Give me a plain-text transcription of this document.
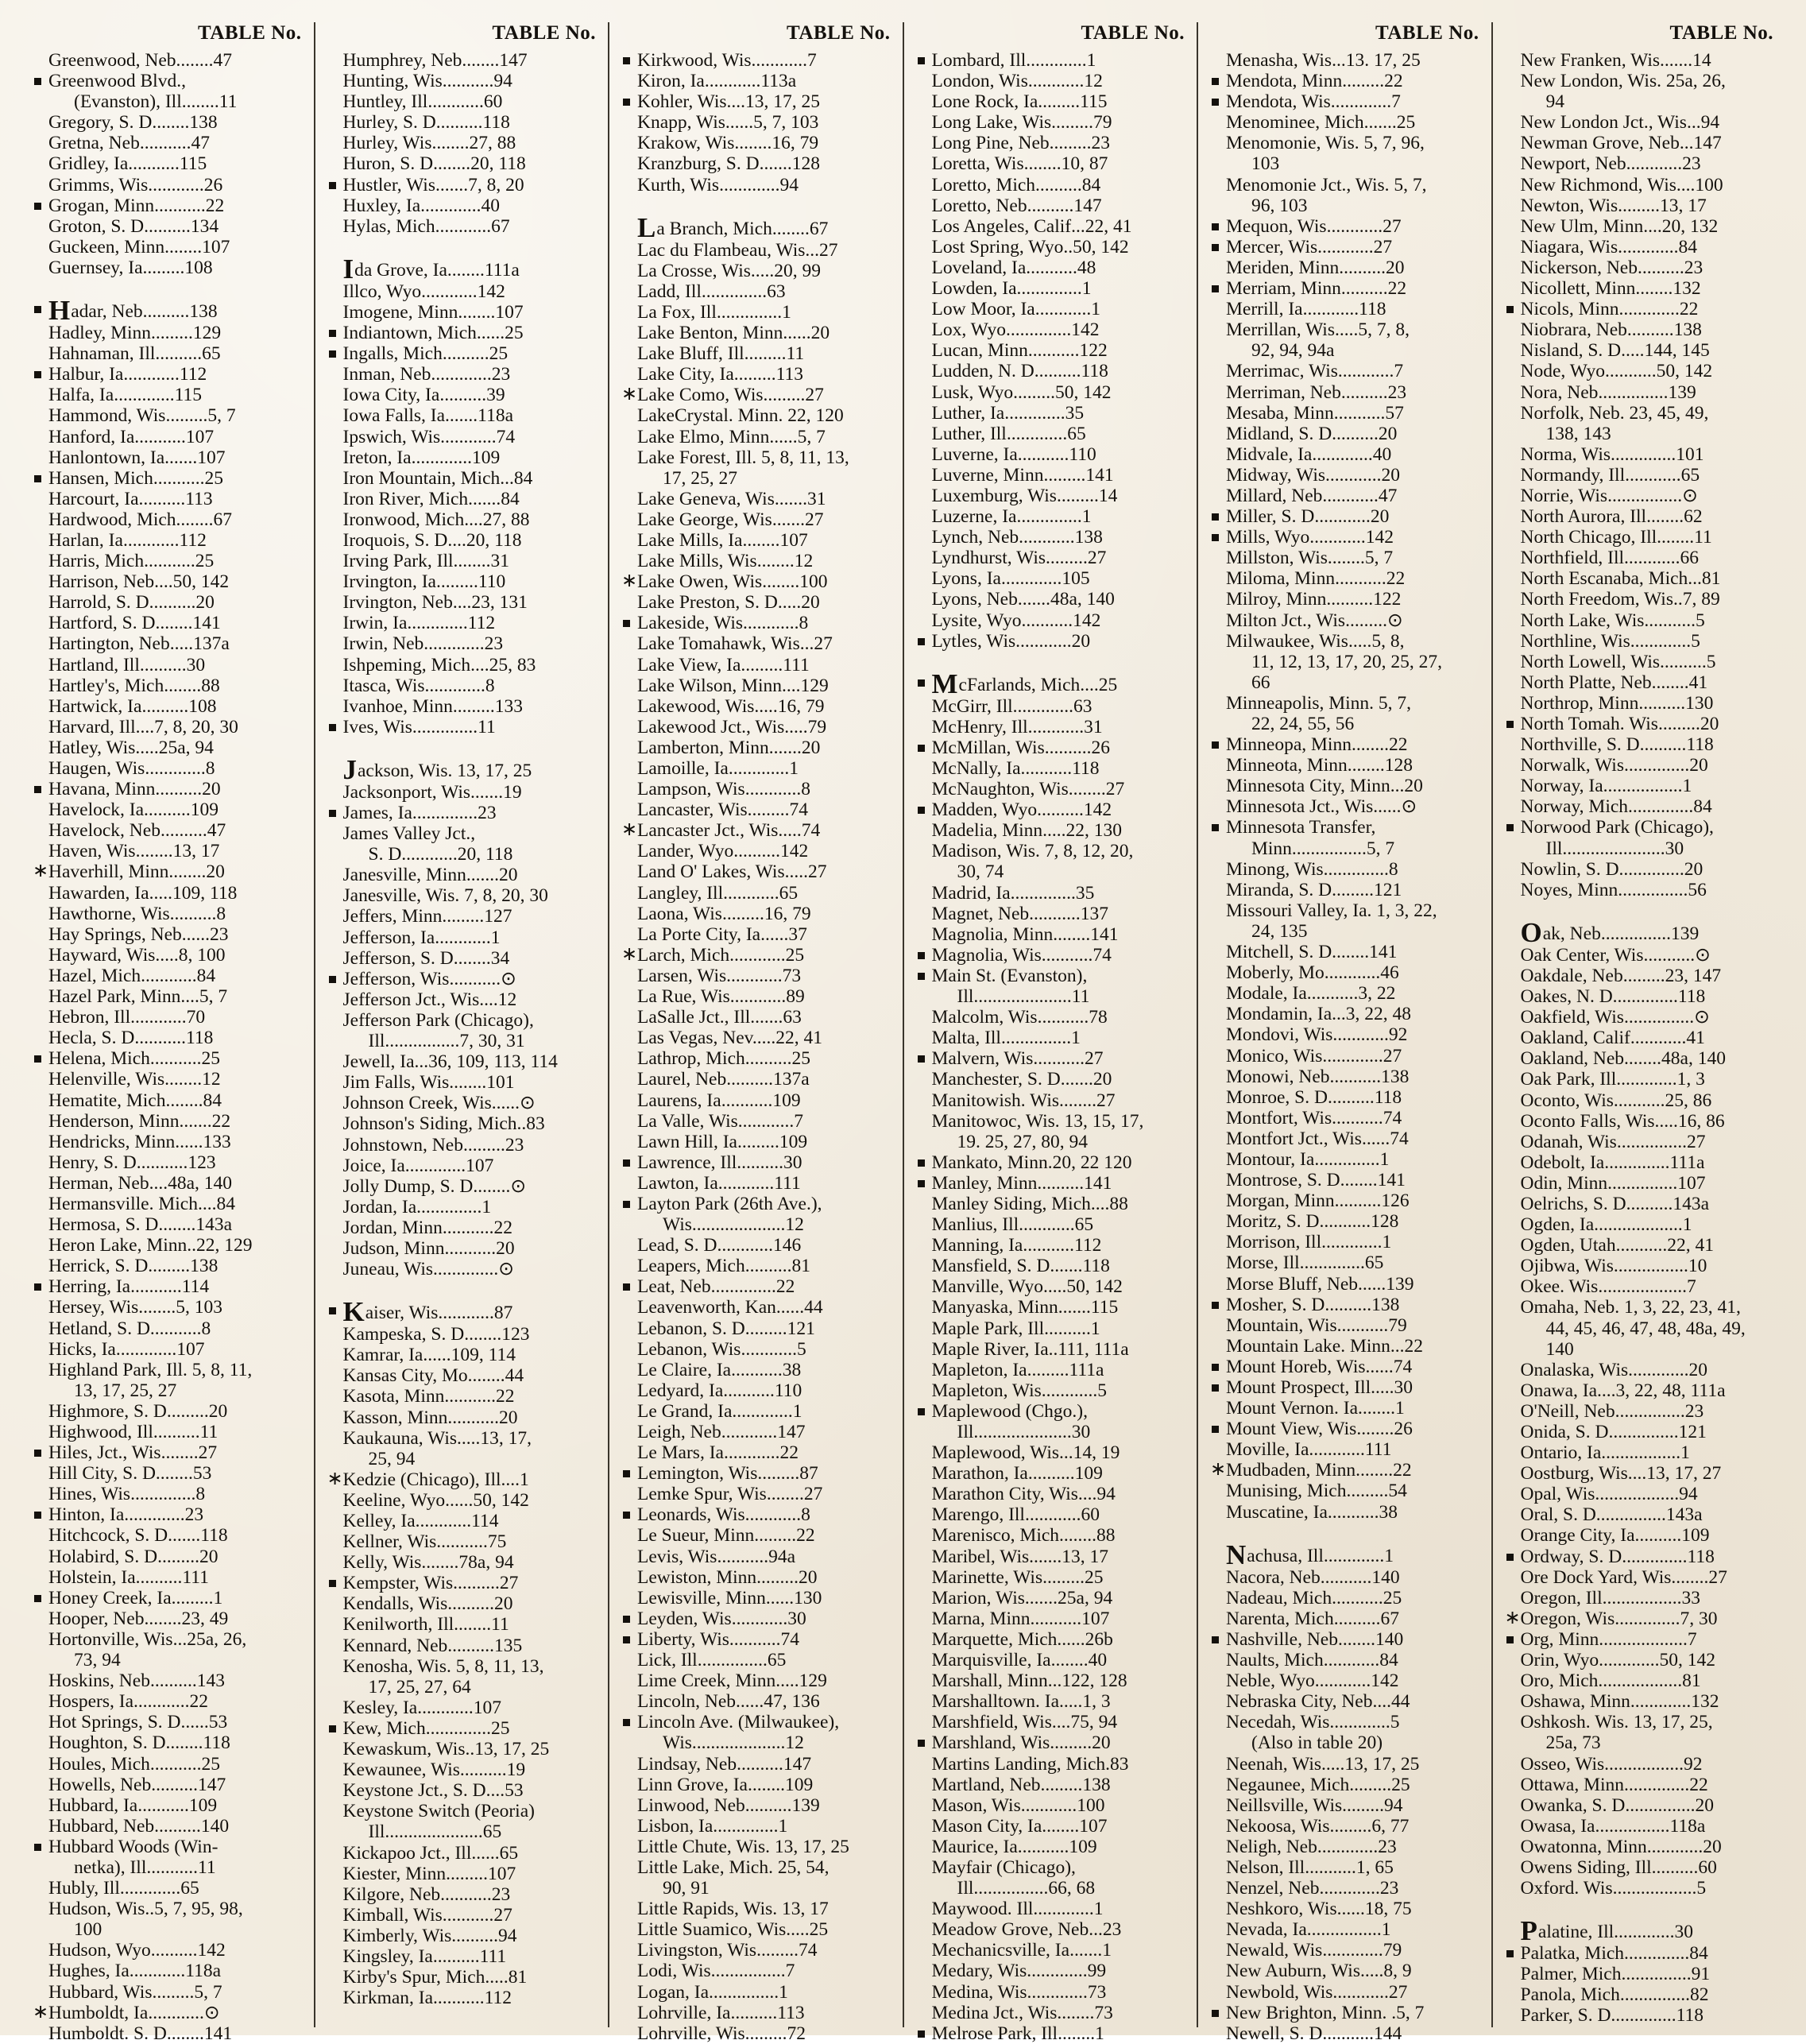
TABLE No.
Greenwood, Neb........47
Greenwood Blvd.,
(Evanston), Ill........11
Gregory, S. D........138
Gretna, Neb...........47
Gridley, Ia...........115
Grimms, Wis............26
Grogan, Minn...........22
Groton, S. D..........134
Guckeen, Minn........107
Guernsey, Ia.........108
Hadar, Neb..........138
Hadley, Minn.........129
Hahnaman, Ill..........65
Halbur, Ia............112
Halfa, Ia.............115
Hammond, Wis.........5, 7
Hanford, Ia...........107
Hanlontown, Ia.......107
Hansen, Mich...........25
Harcourt, Ia..........113
Hardwood, Mich........67
Harlan, Ia............112
Harris, Mich...........25
Harrison, Neb....50, 142
Harrold, S. D..........20
Hartford, S. D........141
Hartington, Neb.....137a
Hartland, Ill..........30
Hartley's, Mich........88
Hartwick, Ia..........108
Harvard, Ill....7, 8, 20, 30
Hatley, Wis.....25a, 94
Haugen, Wis.............8
Havana, Minn..........20
Havelock, Ia..........109
Havelock, Neb..........47
Haven, Wis........13, 17
Haverhill, Minn........20
Hawarden, Ia.....109, 118
Hawthorne, Wis..........8
Hay Springs, Neb......23
Hayward, Wis.....8, 100
Hazel, Mich............84
Hazel Park, Minn....5, 7
Hebron, Ill............70
Hecla, S. D...........118
Helena, Mich...........25
Helenville, Wis........12
Hematite, Mich........84
Henderson, Minn.......22
Hendricks, Minn......133
Henry, S. D...........123
Herman, Neb....48a, 140
Hermansville. Mich....84
Hermosa, S. D........143a
Heron Lake, Minn..22, 129
Herrick, S. D.........138
Herring, Ia...........114
Hersey, Wis........5, 103
Hetland, S. D...........8
Hicks, Ia.............107
Highland Park, Ill. 5, 8, 11,
13, 17, 25, 27
Highmore, S. D.........20
Highwood, Ill..........11
Hiles, Jct., Wis........27
Hill City, S. D........53
Hines, Wis..............8
Hinton, Ia.............23
Hitchcock, S. D.......118
Holabird, S. D.........20
Holstein, Ia..........111
Honey Creek, Ia.........1
Hooper, Neb........23, 49
Hortonville, Wis...25a, 26,
73, 94
Hoskins, Neb..........143
Hospers, Ia............22
Hot Springs, S. D......53
Houghton, S. D........118
Houles, Mich...........25
Howells, Neb..........147
Hubbard, Ia...........109
Hubbard, Neb..........140
Hubbard Woods (Win-
netka), Ill...........11
Hubly, Ill.............65
Hudson, Wis..5, 7, 95, 98,
100
Hudson, Wyo..........142
Hughes, Ia............118a
Hubbard, Wis.........5, 7
Humboldt, Ia............⊙
Humboldt. S. D........141
TABLE No.
Humphrey, Neb........147
Hunting, Wis...........94
Huntley, Ill............60
Hurley, S. D..........118
Hurley, Wis........27, 88
Huron, S. D........20, 118
Hustler, Wis.......7, 8, 20
Huxley, Ia.............40
Hylas, Mich............67
Ida Grove, Ia........111a
Illco, Wyo............142
Imogene, Minn........107
Indiantown, Mich......25
Ingalls, Mich..........25
Inman, Neb.............23
Iowa City, Ia..........39
Iowa Falls, Ia.......118a
Ipswich, Wis............74
Ireton, Ia.............109
Iron Mountain, Mich...84
Iron River, Mich.......84
Ironwood, Mich....27, 88
Iroquois, S. D....20, 118
Irving Park, Ill........31
Irvington, Ia.........110
Irvington, Neb....23, 131
Irwin, Ia.............112
Irwin, Neb.............23
Ishpeming, Mich....25, 83
Itasca, Wis.............8
Ivanhoe, Minn.........133
Ives, Wis..............11
Jackson, Wis. 13, 17, 25
Jacksonport, Wis.......19
James, Ia..............23
James Valley Jct.,
S. D............20, 118
Janesville, Minn.......20
Janesville, Wis. 7, 8, 20, 30
Jeffers, Minn.........127
Jefferson, Ia............1
Jefferson, S. D........34
Jefferson, Wis...........⊙
Jefferson Jct., Wis....12
Jefferson Park (Chicago),
Ill................7, 30, 31
Jewell, Ia...36, 109, 113, 114
Jim Falls, Wis........101
Johnson Creek, Wis......⊙
Johnson's Siding, Mich..83
Johnstown, Neb.........23
Joice, Ia.............107
Jolly Dump, S. D........⊙
Jordan, Ia..............1
Jordan, Minn...........22
Judson, Minn...........20
Juneau, Wis..............⊙
Kaiser, Wis............87
Kampeska, S. D........123
Kamrar, Ia......109, 114
Kansas City, Mo........44
Kasota, Minn...........22
Kasson, Minn...........20
Kaukauna, Wis.....13, 17,
25, 94
Kedzie (Chicago), Ill....1
Keeline, Wyo......50, 142
Kelley, Ia............114
Kellner, Wis...........75
Kelly, Wis........78a, 94
Kempster, Wis..........27
Kendalls, Wis..........20
Kenilworth, Ill........11
Kennard, Neb..........135
Kenosha, Wis. 5, 8, 11, 13,
17, 25, 27, 64
Kesley, Ia............107
Kew, Mich..............25
Kewaskum, Wis..13, 17, 25
Kewaunee, Wis..........19
Keystone Jct., S. D....53
Keystone Switch (Peoria)
Ill.....................65
Kickapoo Jct., Ill......65
Kiester, Minn.........107
Kilgore, Neb...........23
Kimball, Wis...........27
Kimberly, Wis..........94
Kingsley, Ia..........111
Kirby's Spur, Mich.....81
Kirkman, Ia...........112
TABLE No.
Kirkwood, Wis............7
Kiron, Ia............113a
Kohler, Wis....13, 17, 25
Knapp, Wis......5, 7, 103
Krakow, Wis........16, 79
Kranzburg, S. D.......128
Kurth, Wis.............94
La Branch, Mich........67
Lac du Flambeau, Wis...27
La Crosse, Wis.....20, 99
Ladd, Ill..............63
La Fox, Ill..............1
Lake Benton, Minn......20
Lake Bluff, Ill.........11
Lake City, Ia.........113
Lake Como, Wis.........27
LakeCrystal. Minn. 22, 120
Lake Elmo, Minn......5, 7
Lake Forest, Ill. 5, 8, 11, 13,
17, 25, 27
Lake Geneva, Wis.......31
Lake George, Wis.......27
Lake Mills, Ia........107
Lake Mills, Wis........12
Lake Owen, Wis........100
Lake Preston, S. D.....20
Lakeside, Wis............8
Lake Tomahawk, Wis...27
Lake View, Ia.........111
Lake Wilson, Minn....129
Lakewood, Wis.....16, 79
Lakewood Jct., Wis.....79
Lamberton, Minn.......20
Lamoille, Ia.............1
Lampson, Wis............8
Lancaster, Wis.........74
Lancaster Jct., Wis.....74
Lander, Wyo..........142
Land O' Lakes, Wis.....27
Langley, Ill............65
Laona, Wis.........16, 79
La Porte City, Ia......37
Larch, Mich............25
Larsen, Wis............73
La Rue, Wis............89
LaSalle Jct., Ill.......63
Las Vegas, Nev.....22, 41
Lathrop, Mich..........25
Laurel, Neb..........137a
Laurens, Ia...........109
La Valle, Wis............7
Lawn Hill, Ia.........109
Lawrence, Ill..........30
Lawton, Ia............111
Layton Park (26th Ave.),
Wis....................12
Lead, S. D............146
Leapers, Mich..........81
Leat, Neb..............22
Leavenworth, Kan......44
Lebanon, S. D.........121
Lebanon, Wis............5
Le Claire, Ia...........38
Ledyard, Ia...........110
Le Grand, Ia.............1
Leigh, Neb............147
Le Mars, Ia............22
Lemington, Wis.........87
Lemke Spur, Wis........27
Leonards, Wis............8
Le Sueur, Minn.........22
Levis, Wis...........94a
Lewiston, Minn.........20
Lewisville, Minn......130
Leyden, Wis............30
Liberty, Wis...........74
Lick, Ill...............65
Lime Creek, Minn.....129
Lincoln, Neb......47, 136
Lincoln Ave. (Milwaukee),
Wis....................12
Lindsay, Neb..........147
Linn Grove, Ia........109
Linwood, Neb..........139
Lisbon, Ia..............1
Little Chute, Wis. 13, 17, 25
Little Lake, Mich. 25, 54,
90, 91
Little Rapids, Wis. 13, 17
Little Suamico, Wis.....25
Livingston, Wis.........74
Lodi, Wis................7
Logan, Ia...............1
Lohrville, Ia..........113
Lohrville, Wis.........72
TABLE No.
Lombard, Ill.............1
London, Wis............12
Lone Rock, Ia.........115
Long Lake, Wis.........79
Long Pine, Neb.........23
Loretta, Wis........10, 87
Loretto, Mich..........84
Loretto, Neb..........147
Los Angeles, Calif...22, 41
Lost Spring, Wyo..50, 142
Loveland, Ia...........48
Lowden, Ia..............1
Low Moor, Ia............1
Lox, Wyo..............142
Lucan, Minn...........122
Ludden, N. D..........118
Lusk, Wyo.........50, 142
Luther, Ia.............35
Luther, Ill.............65
Luverne, Ia...........110
Luverne, Minn.........141
Luxemburg, Wis.........14
Luzerne, Ia..............1
Lynch, Neb............138
Lyndhurst, Wis.........27
Lyons, Ia.............105
Lyons, Neb.......48a, 140
Lysite, Wyo...........142
Lytles, Wis............20
McFarlands, Mich....25
McGirr, Ill.............63
McHenry, Ill............31
McMillan, Wis..........26
McNally, Ia...........118
McNaughton, Wis........27
Madden, Wyo..........142
Madelia, Minn.....22, 130
Madison, Wis. 7, 8, 12, 20,
30, 74
Madrid, Ia..............35
Magnet, Neb...........137
Magnolia, Minn........141
Magnolia, Wis...........74
Main St. (Evanston),
Ill.....................11
Malcolm, Wis...........78
Malta, Ill...............1
Malvern, Wis...........27
Manchester, S. D.......20
Manitowish. Wis........27
Manitowoc, Wis. 13, 15, 17,
19. 25, 27, 80, 94
Mankato, Minn.20, 22 120
Manley, Minn..........141
Manley Siding, Mich....88
Manlius, Ill............65
Manning, Ia...........112
Mansfield, S. D.......118
Manville, Wyo.....50, 142
Manyaska, Minn.......115
Maple Park, Ill..........1
Maple River, Ia..111, 111a
Mapleton, Ia.........111a
Mapleton, Wis............5
Maplewood (Chgo.),
Ill.....................30
Maplewood, Wis...14, 19
Marathon, Ia..........109
Marathon City, Wis....94
Marengo, Ill............60
Marenisco, Mich........88
Maribel, Wis.......13, 17
Marinette, Wis.........25
Marion, Wis.......25a, 94
Marna, Minn...........107
Marquette, Mich......26b
Marquisville, Ia........40
Marshall, Minn...122, 128
Marshalltown. Ia.....1, 3
Marshfield, Wis....75, 94
Marshland, Wis.........20
Martins Landing, Mich.83
Martland, Neb.........138
Mason, Wis............100
Mason City, Ia........107
Maurice, Ia...........109
Mayfair (Chicago),
Ill................66, 68
Maywood. Ill.............1
Meadow Grove, Neb...23
Mechanicsville, Ia.......1
Medary, Wis.............99
Medina, Wis.............73
Medina Jct., Wis........73
Melrose Park, Ill........1
TABLE No.
Menasha, Wis...13. 17, 25
Mendota, Minn.........22
Mendota, Wis.............7
Menominee, Mich.......25
Menomonie, Wis. 5, 7, 96,
103
Menomonie Jct., Wis. 5, 7,
96, 103
Mequon, Wis............27
Mercer, Wis............27
Meriden, Minn..........20
Merriam, Minn..........22
Merrill, Ia............118
Merrillan, Wis.....5, 7, 8,
92, 94, 94a
Merrimac, Wis............7
Merriman, Neb..........23
Mesaba, Minn...........57
Midland, S. D..........20
Midvale, Ia.............40
Midway, Wis............20
Millard, Neb............47
Miller, S. D............20
Mills, Wyo............142
Millston, Wis........5, 7
Miloma, Minn...........22
Milroy, Minn..........122
Milton Jct., Wis.........⊙
Milwaukee, Wis.....5, 8,
11, 12, 13, 17, 20, 25, 27,
66
Minneapolis, Minn. 5, 7,
22, 24, 55, 56
Minneopa, Minn........22
Minneota, Minn........128
Minnesota City, Minn...20
Minnesota Jct., Wis......⊙
Minnesota Transfer,
Minn................5, 7
Minong, Wis..............8
Miranda, S. D.........121
Missouri Valley, Ia. 1, 3, 22,
24, 135
Mitchell, S. D........141
Moberly, Mo............46
Modale, Ia...........3, 22
Mondamin, Ia...3, 22, 48
Mondovi, Wis............92
Monico, Wis.............27
Monowi, Neb...........138
Monroe, S. D..........118
Montfort, Wis...........74
Montfort Jct., Wis......74
Montour, Ia..............1
Montrose, S. D........141
Morgan, Minn..........126
Moritz, S. D...........128
Morrison, Ill.............1
Morse, Ill..............65
Morse Bluff, Neb......139
Mosher, S. D..........138
Mountain, Wis...........79
Mountain Lake. Minn...22
Mount Horeb, Wis......74
Mount Prospect, Ill.....30
Mount Vernon. Ia........1
Mount View, Wis........26
Moville, Ia............111
Mudbaden, Minn........22
Munising, Mich.........54
Muscatine, Ia...........38
Nachusa, Ill.............1
Nacora, Neb...........140
Nadeau, Mich...........25
Narenta, Mich..........67
Nashville, Neb........140
Naults, Mich............84
Neble, Wyo............142
Nebraska City, Neb....44
Necedah, Wis.............5
(Also in table 20)
Neenah, Wis.....13, 17, 25
Negaunee, Mich.........25
Neillsville, Wis.........94
Nekoosa, Wis.........6, 77
Neligh, Neb.............23
Nelson, Ill...........1, 65
Nenzel, Neb.............23
Neshkoro, Wis......18, 75
Nevada, Ia................1
Newald, Wis.............79
New Auburn, Wis.....8, 9
Newbold, Wis............27
New Brighton, Minn. .5, 7
Newell, S. D...........144
TABLE No.
New Franken, Wis.......14
New London, Wis. 25a, 26,
94
New London Jct., Wis...94
Newman Grove, Neb...147
Newport, Neb............23
New Richmond, Wis....100
Newton, Wis.........13, 17
New Ulm, Minn....20, 132
Niagara, Wis.............84
Nickerson, Neb..........23
Nicollett, Minn........132
Nicols, Minn.............22
Niobrara, Neb..........138
Nisland, S. D.....144, 145
Node, Wyo...........50, 142
Nora, Neb...............139
Norfolk, Neb. 23, 45, 49,
138, 143
Norma, Wis..............101
Normandy, Ill............65
Norrie, Wis................⊙
North Aurora, Ill........62
North Chicago, Ill........11
Northfield, Ill............66
North Escanaba, Mich...81
North Freedom, Wis..7, 89
North Lake, Wis...........5
Northline, Wis.............5
North Lowell, Wis..........5
North Platte, Neb........41
Northrop, Minn..........130
North Tomah. Wis.........20
Northville, S. D..........118
Norwalk, Wis..............20
Norway, Ia.................1
Norway, Mich..............84
Norwood Park (Chicago),
Ill......................30
Nowlin, S. D..............20
Noyes, Minn...............56
Oak, Neb...............139
Oak Center, Wis...........⊙
Oakdale, Neb.........23, 147
Oakes, N. D..............118
Oakfield, Wis...............⊙
Oakland, Calif............41
Oakland, Neb........48a, 140
Oak Park, Ill.............1, 3
Oconto, Wis...........25, 86
Oconto Falls, Wis.....16, 86
Odanah, Wis...............27
Odebolt, Ia..............111a
Odin, Minn...............107
Oelrichs, S. D..........143a
Ogden, Ia...................1
Ogden, Utah...........22, 41
Ojibwa, Wis................10
Okee. Wis...................7
Omaha, Neb. 1, 3, 22, 23, 41,
44, 45, 46, 47, 48, 48a, 49,
140
Onalaska, Wis.............20
Onawa, Ia....3, 22, 48, 111a
O'Neill, Neb...............23
Onida, S. D...............121
Ontario, Ia.................1
Oostburg, Wis....13, 17, 27
Opal, Wis..................94
Oral, S. D...............143a
Orange City, Ia..........109
Ordway, S. D..............118
Ore Dock Yard, Wis........27
Oregon, Ill.................33
Oregon, Wis..............7, 30
Org, Minn...................7
Orin, Wyo.............50, 142
Oro, Mich..................81
Oshawa, Minn.............132
Oshkosh. Wis. 13, 17, 25,
25a, 73
Osseo, Wis.................92
Ottawa, Minn..............22
Owanka, S. D...............20
Owasa, Ia................118a
Owatonna, Minn............20
Owens Siding, Ill..........60
Oxford. Wis..................5
Palatine, Ill.............30
Palatka, Mich..............84
Palmer, Mich...............91
Panola, Mich...............82
Parker, S. D..............118
